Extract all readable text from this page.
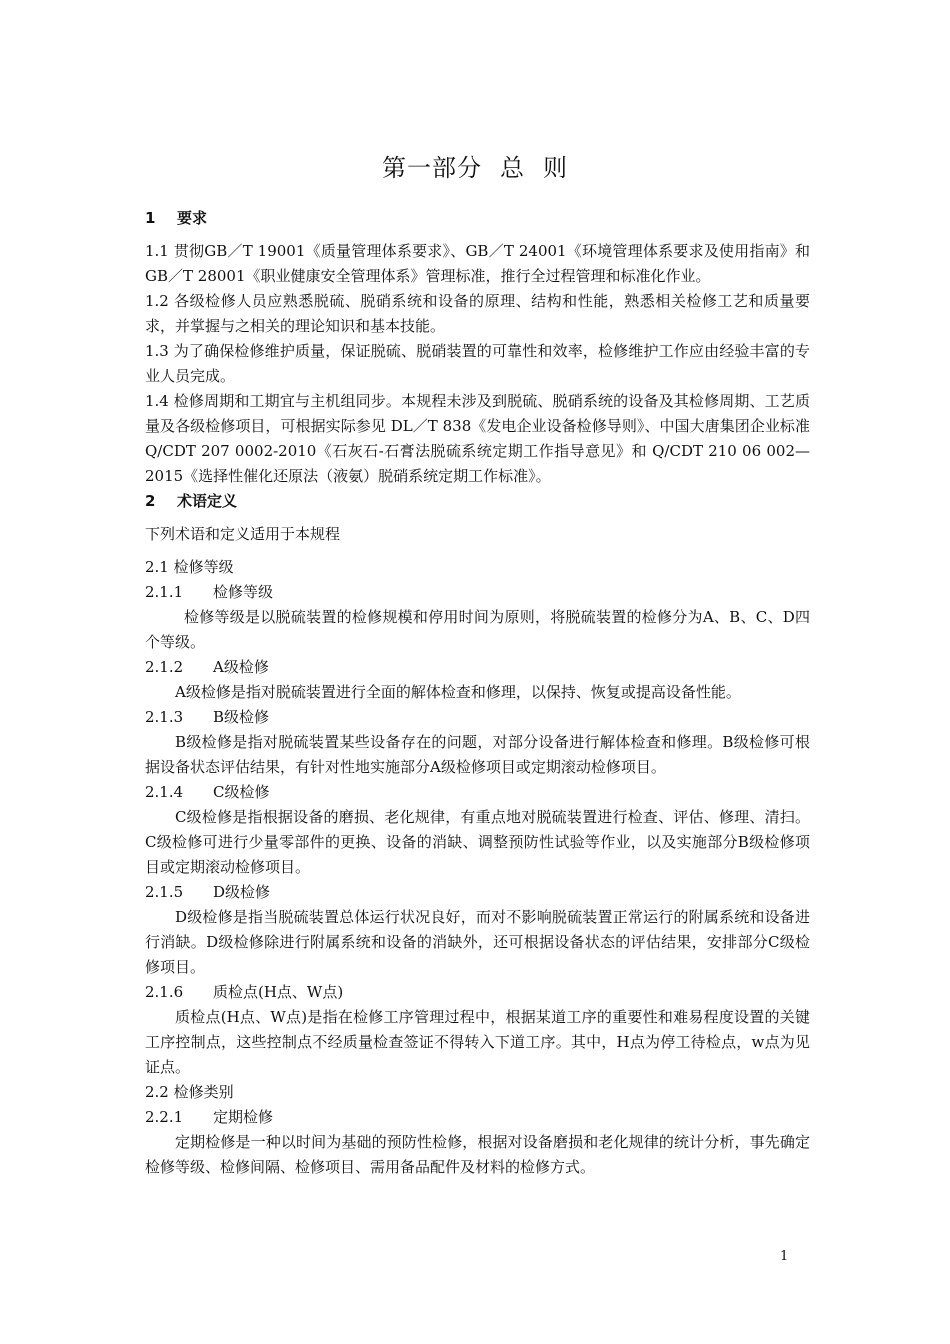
第一部分 总 则

1 要求

1.1 贯彻GB／T 19001《质量管理体系要求》、GB／T 24001《环境管理体系要求及使用指南》和GB／T 28001《职业健康安全管理体系》管理标准，推行全过程管理和标准化作业。

1.2 各级检修人员应熟悉脱硫、脱硝系统和设备的原理、结构和性能，熟悉相关检修工艺和质量要求，并掌握与之相关的理论知识和基本技能。

1.3 为了确保检修维护质量，保证脱硫、脱硝装置的可靠性和效率，检修维护工作应由经验丰富的专业人员完成。

1.4 检修周期和工期宜与主机组同步。本规程未涉及到脱硫、脱硝系统的设备及其检修周期、工艺质量及各级检修项目，可根据实际参见 DL／T 838《发电企业设备检修导则》、中国大唐集团企业标准 Q/CDT 207 0002-2010《石灰石-石膏法脱硫系统定期工作指导意见》和 Q/CDT 210 06 002—2015《选择性催化还原法（液氨）脱硝系统定期工作标准》。

2 术语定义

下列术语和定义适用于本规程

2.1 检修等级

2.1.1 检修等级

检修等级是以脱硫装置的检修规模和停用时间为原则，将脱硫装置的检修分为A、B、C、D四个等级。

2.1.2 A级检修

A级检修是指对脱硫装置进行全面的解体检查和修理，以保持、恢复或提高设备性能。

2.1.3 B级检修

B级检修是指对脱硫装置某些设备存在的问题，对部分设备进行解体检查和修理。B级检修可根据设备状态评估结果，有针对性地实施部分A级检修项目或定期滚动检修项目。

2.1.4 C级检修

C级检修是指根据设备的磨损、老化规律，有重点地对脱硫装置进行检查、评估、修理、清扫。C级检修可进行少量零部件的更换、设备的消缺、调整预防性试验等作业，以及实施部分B级检修项目或定期滚动检修项目。

2.1.5 D级检修

D级检修是指当脱硫装置总体运行状况良好，而对不影响脱硫装置正常运行的附属系统和设备进行消缺。D级检修除进行附属系统和设备的消缺外，还可根据设备状态的评估结果，安排部分C级检修项目。

2.1.6 质检点(H点、W点)

质检点(H点、W点)是指在检修工序管理过程中，根据某道工序的重要性和难易程度设置的关键工序控制点，这些控制点不经质量检查签证不得转入下道工序。其中，H点为停工待检点，w点为见证点。

2.2 检修类别

2.2.1 定期检修

定期检修是一种以时间为基础的预防性检修，根据对设备磨损和老化规律的统计分析，事先确定检修等级、检修间隔、检修项目、需用备品配件及材料的检修方式。

1
